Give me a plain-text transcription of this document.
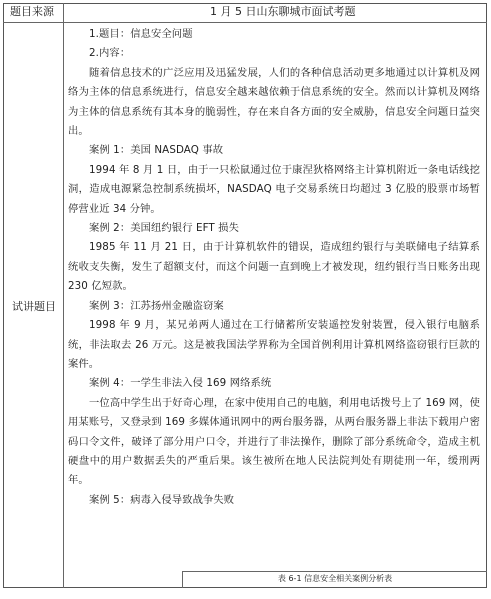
题目来源	1 月 5 日山东聊城市面试考题
试讲题目

1.题目：信息安全问题

2.内容：

随着信息技术的广泛应用及迅猛发展，人们的各种信息活动更多地通过以计算机及网络为主体的信息系统进行，信息安全越来越依赖于信息系统的安全。然而以计算机及网络为主体的信息系统有其本身的脆弱性，存在来自各方面的安全威胁，信息安全问题日益突出。

案例 1：美国 NASDAQ 事故

1994 年 8 月 1 日，由于一只松鼠通过位于康涅狄格网络主计算机附近一条电话线挖洞，造成电源紧急控制系统损坏，NASDAQ 电子交易系统日均超过 3 亿股的股票市场暂停营业近 34 分钟。

案例 2：美国纽约银行 EFT 损失

1985 年 11 月 21 日，由于计算机软件的错误，造成纽约银行与美联储电子结算系统收支失衡，发生了超额支付，而这个问题一直到晚上才被发现，纽约银行当日账务出现 230 亿短款。

案例 3：江苏扬州金融盗窃案

1998 年 9 月，某兄弟两人通过在工行储蓄所安装遥控发射装置，侵入银行电脑系统，非法取去 26 万元。这是被我国法学界称为全国首例利用计算机网络盗窃银行巨款的案件。

案例 4：一学生非法入侵 169 网络系统

一位高中学生出于好奇心理，在家中使用自己的电脑，利用电话拨号上了 169 网，使用某账号，又登录到 169 多媒体通讯网中的两台服务器，从两台服务器上非法下载用户密码口令文件，破译了部分用户口令，并进行了非法操作，删除了部分系统命令，造成主机硬盘中的用户数据丢失的严重后果。该生被所在地人民法院判处有期徒刑一年，缓刑两年。

案例 5：病毒入侵导致战争失败

表 6-1 信息安全相关案例分析表
